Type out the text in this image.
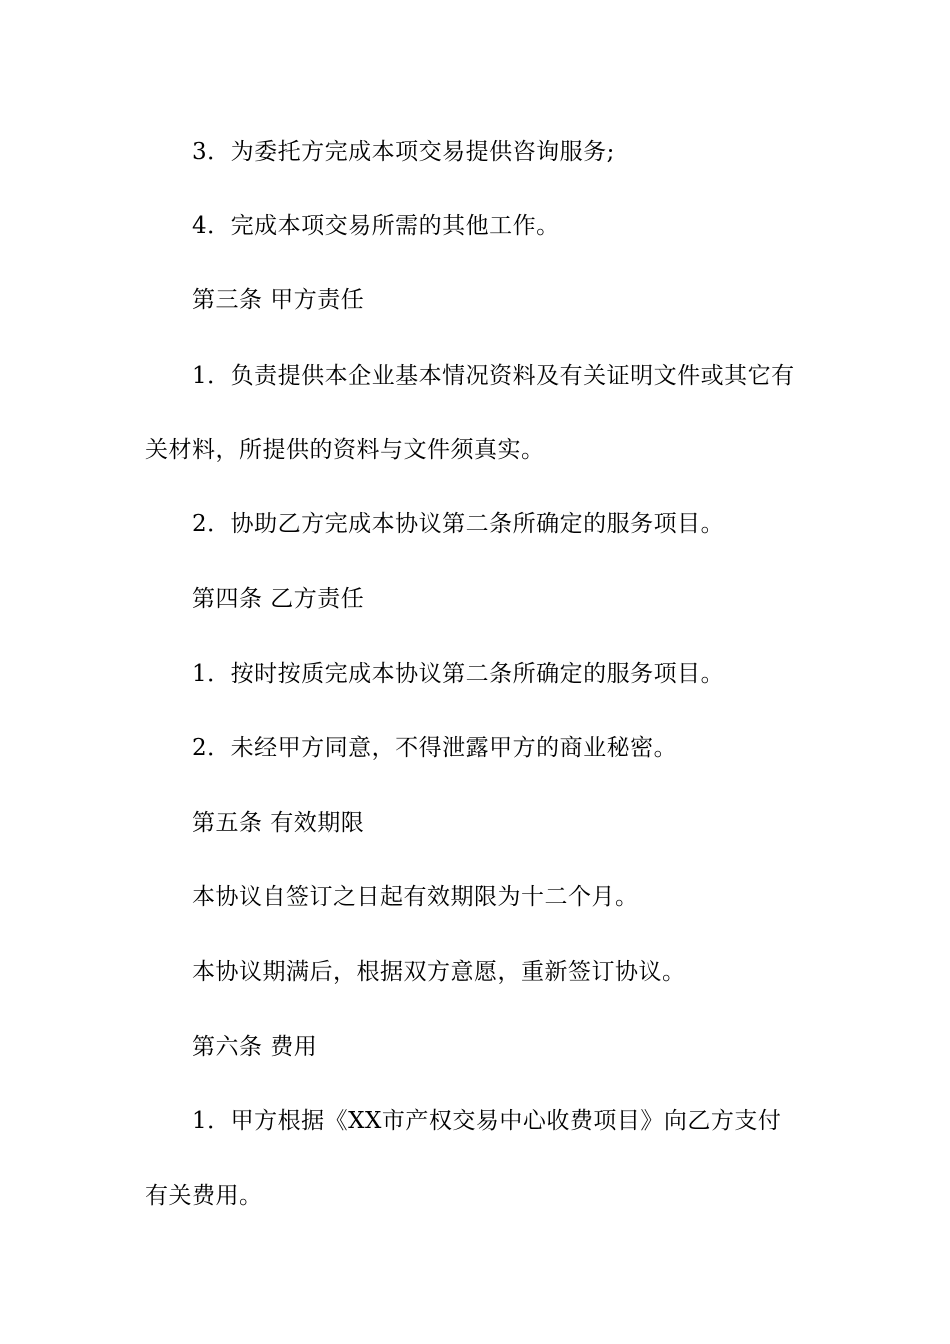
3．为委托方完成本项交易提供咨询服务;
4．完成本项交易所需的其他工作。
第三条 甲方责任
1．负责提供本企业基本情况资料及有关证明文件或其它有
关材料，所提供的资料与文件须真实。
2．协助乙方完成本协议第二条所确定的服务项目。
第四条 乙方责任
1．按时按质完成本协议第二条所确定的服务项目。
2．未经甲方同意，不得泄露甲方的商业秘密。
第五条 有效期限
本协议自签订之日起有效期限为十二个月。
本协议期满后，根据双方意愿，重新签订协议。
第六条 费用
1．甲方根据《XX市产权交易中心收费项目》向乙方支付
有关费用。
